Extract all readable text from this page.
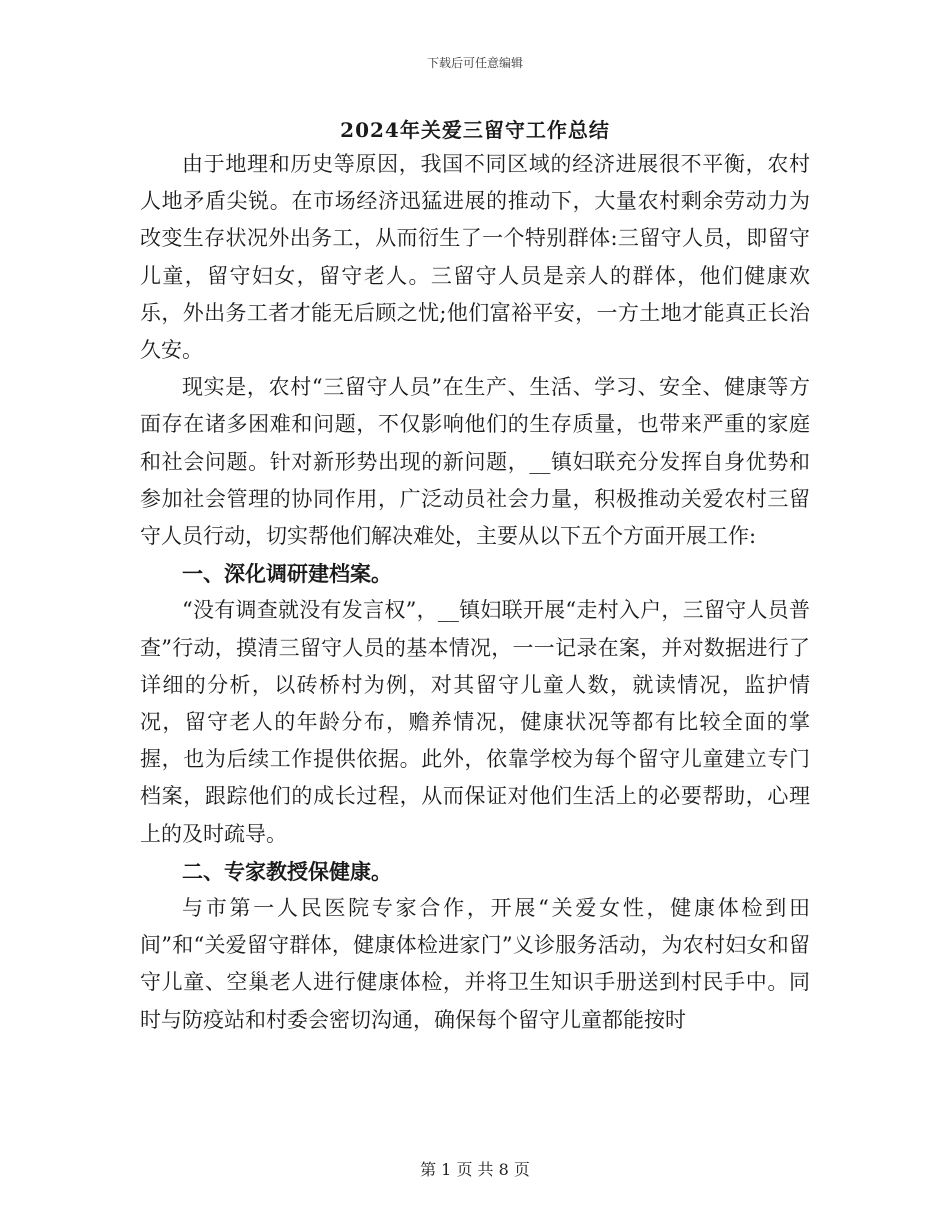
下载后可任意编辑
2024年关爱三留守工作总结

由于地理和历史等原因，我国不同区域的经济进展很不平衡，农村人地矛盾尖锐。在市场经济迅猛进展的推动下，大量农村剩余劳动力为改变生存状况外出务工，从而衍生了一个特别群体:三留守人员，即留守儿童，留守妇女，留守老人。三留守人员是亲人的群体，他们健康欢乐，外出务工者才能无后顾之忧;他们富裕平安，一方土地才能真正长治久安。

现实是，农村“三留守人员”在生产、生活、学习、安全、健康等方面存在诸多困难和问题，不仅影响他们的生存质量，也带来严重的家庭和社会问题。针对新形势出现的新问题，__镇妇联充分发挥自身优势和参加社会管理的协同作用，广泛动员社会力量，积极推动关爱农村三留守人员行动，切实帮他们解决难处，主要从以下五个方面开展工作:

一、深化调研建档案。

“没有调查就没有发言权”，__镇妇联开展“走村入户，三留守人员普查”行动，摸清三留守人员的基本情况，一一记录在案，并对数据进行了详细的分析，以砖桥村为例，对其留守儿童人数，就读情况，监护情况，留守老人的年龄分布，赡养情况，健康状况等都有比较全面的掌握，也为后续工作提供依据。此外，依靠学校为每个留守儿童建立专门档案，跟踪他们的成长过程，从而保证对他们生活上的必要帮助，心理上的及时疏导。

二、专家教授保健康。

与市第一人民医院专家合作，开展“关爱女性，健康体检到田间”和“关爱留守群体，健康体检进家门”义诊服务活动，为农村妇女和留守儿童、空巢老人进行健康体检，并将卫生知识手册送到村民手中。同时与防疫站和村委会密切沟通，确保每个留守儿童都能按时

第 1 页 共 8 页
